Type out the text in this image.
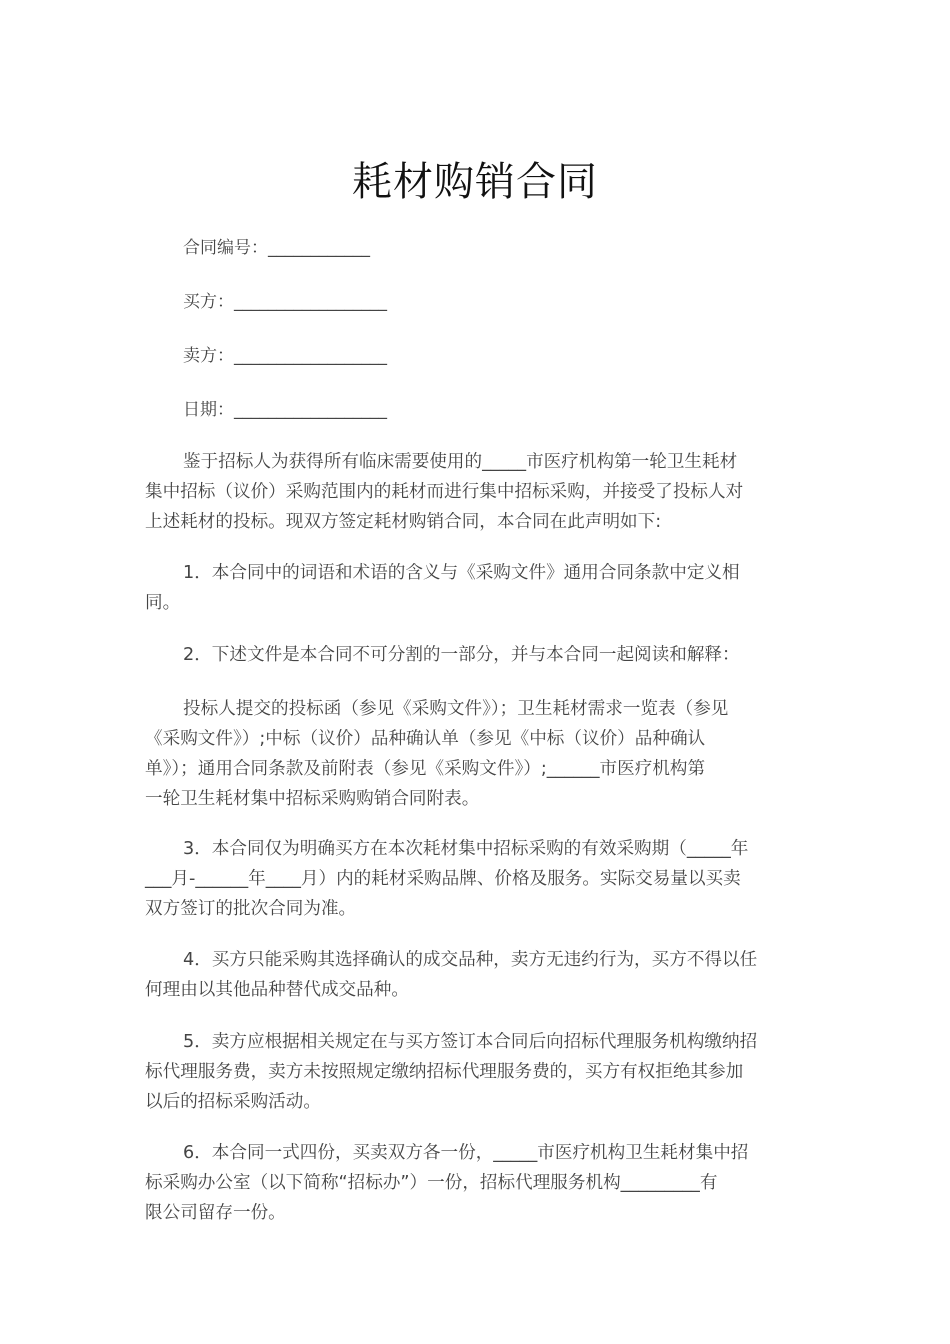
耗材购销合同
合同编号：____________
买方：__________________
卖方：__________________
日期：__________________
鉴于招标人为获得所有临床需要使用的_____市医疗机构第一轮卫生耗材
集中招标（议价）采购范围内的耗材而进行集中招标采购，并接受了投标人对
上述耗材的投标。现双方签定耗材购销合同，本合同在此声明如下:
1．本合同中的词语和术语的含义与《采购文件》通用合同条款中定义相
同。
2．下述文件是本合同不可分割的一部分，并与本合同一起阅读和解释：
投标人提交的投标函（参见《采购文件》）；卫生耗材需求一览表（参见
《采购文件》）;中标（议价）品种确认单（参见《中标（议价）品种确认
单》）；通用合同条款及前附表（参见《采购文件》）;______市医疗机构第
一轮卫生耗材集中招标采购购销合同附表。
3．本合同仅为明确买方在本次耗材集中招标采购的有效采购期（_____年
___月-______年____月）内的耗材采购品牌、价格及服务。实际交易量以买卖
双方签订的批次合同为准。
4．买方只能采购其选择确认的成交品种，卖方无违约行为，买方不得以任
何理由以其他品种替代成交品种。
5．卖方应根据相关规定在与买方签订本合同后向招标代理服务机构缴纳招
标代理服务费，卖方未按照规定缴纳招标代理服务费的，买方有权拒绝其参加
以后的招标采购活动。
6．本合同一式四份，买卖双方各一份，_____市医疗机构卫生耗材集中招
标采购办公室（以下简称“招标办”）一份，招标代理服务机构_________有
限公司留存一份。
